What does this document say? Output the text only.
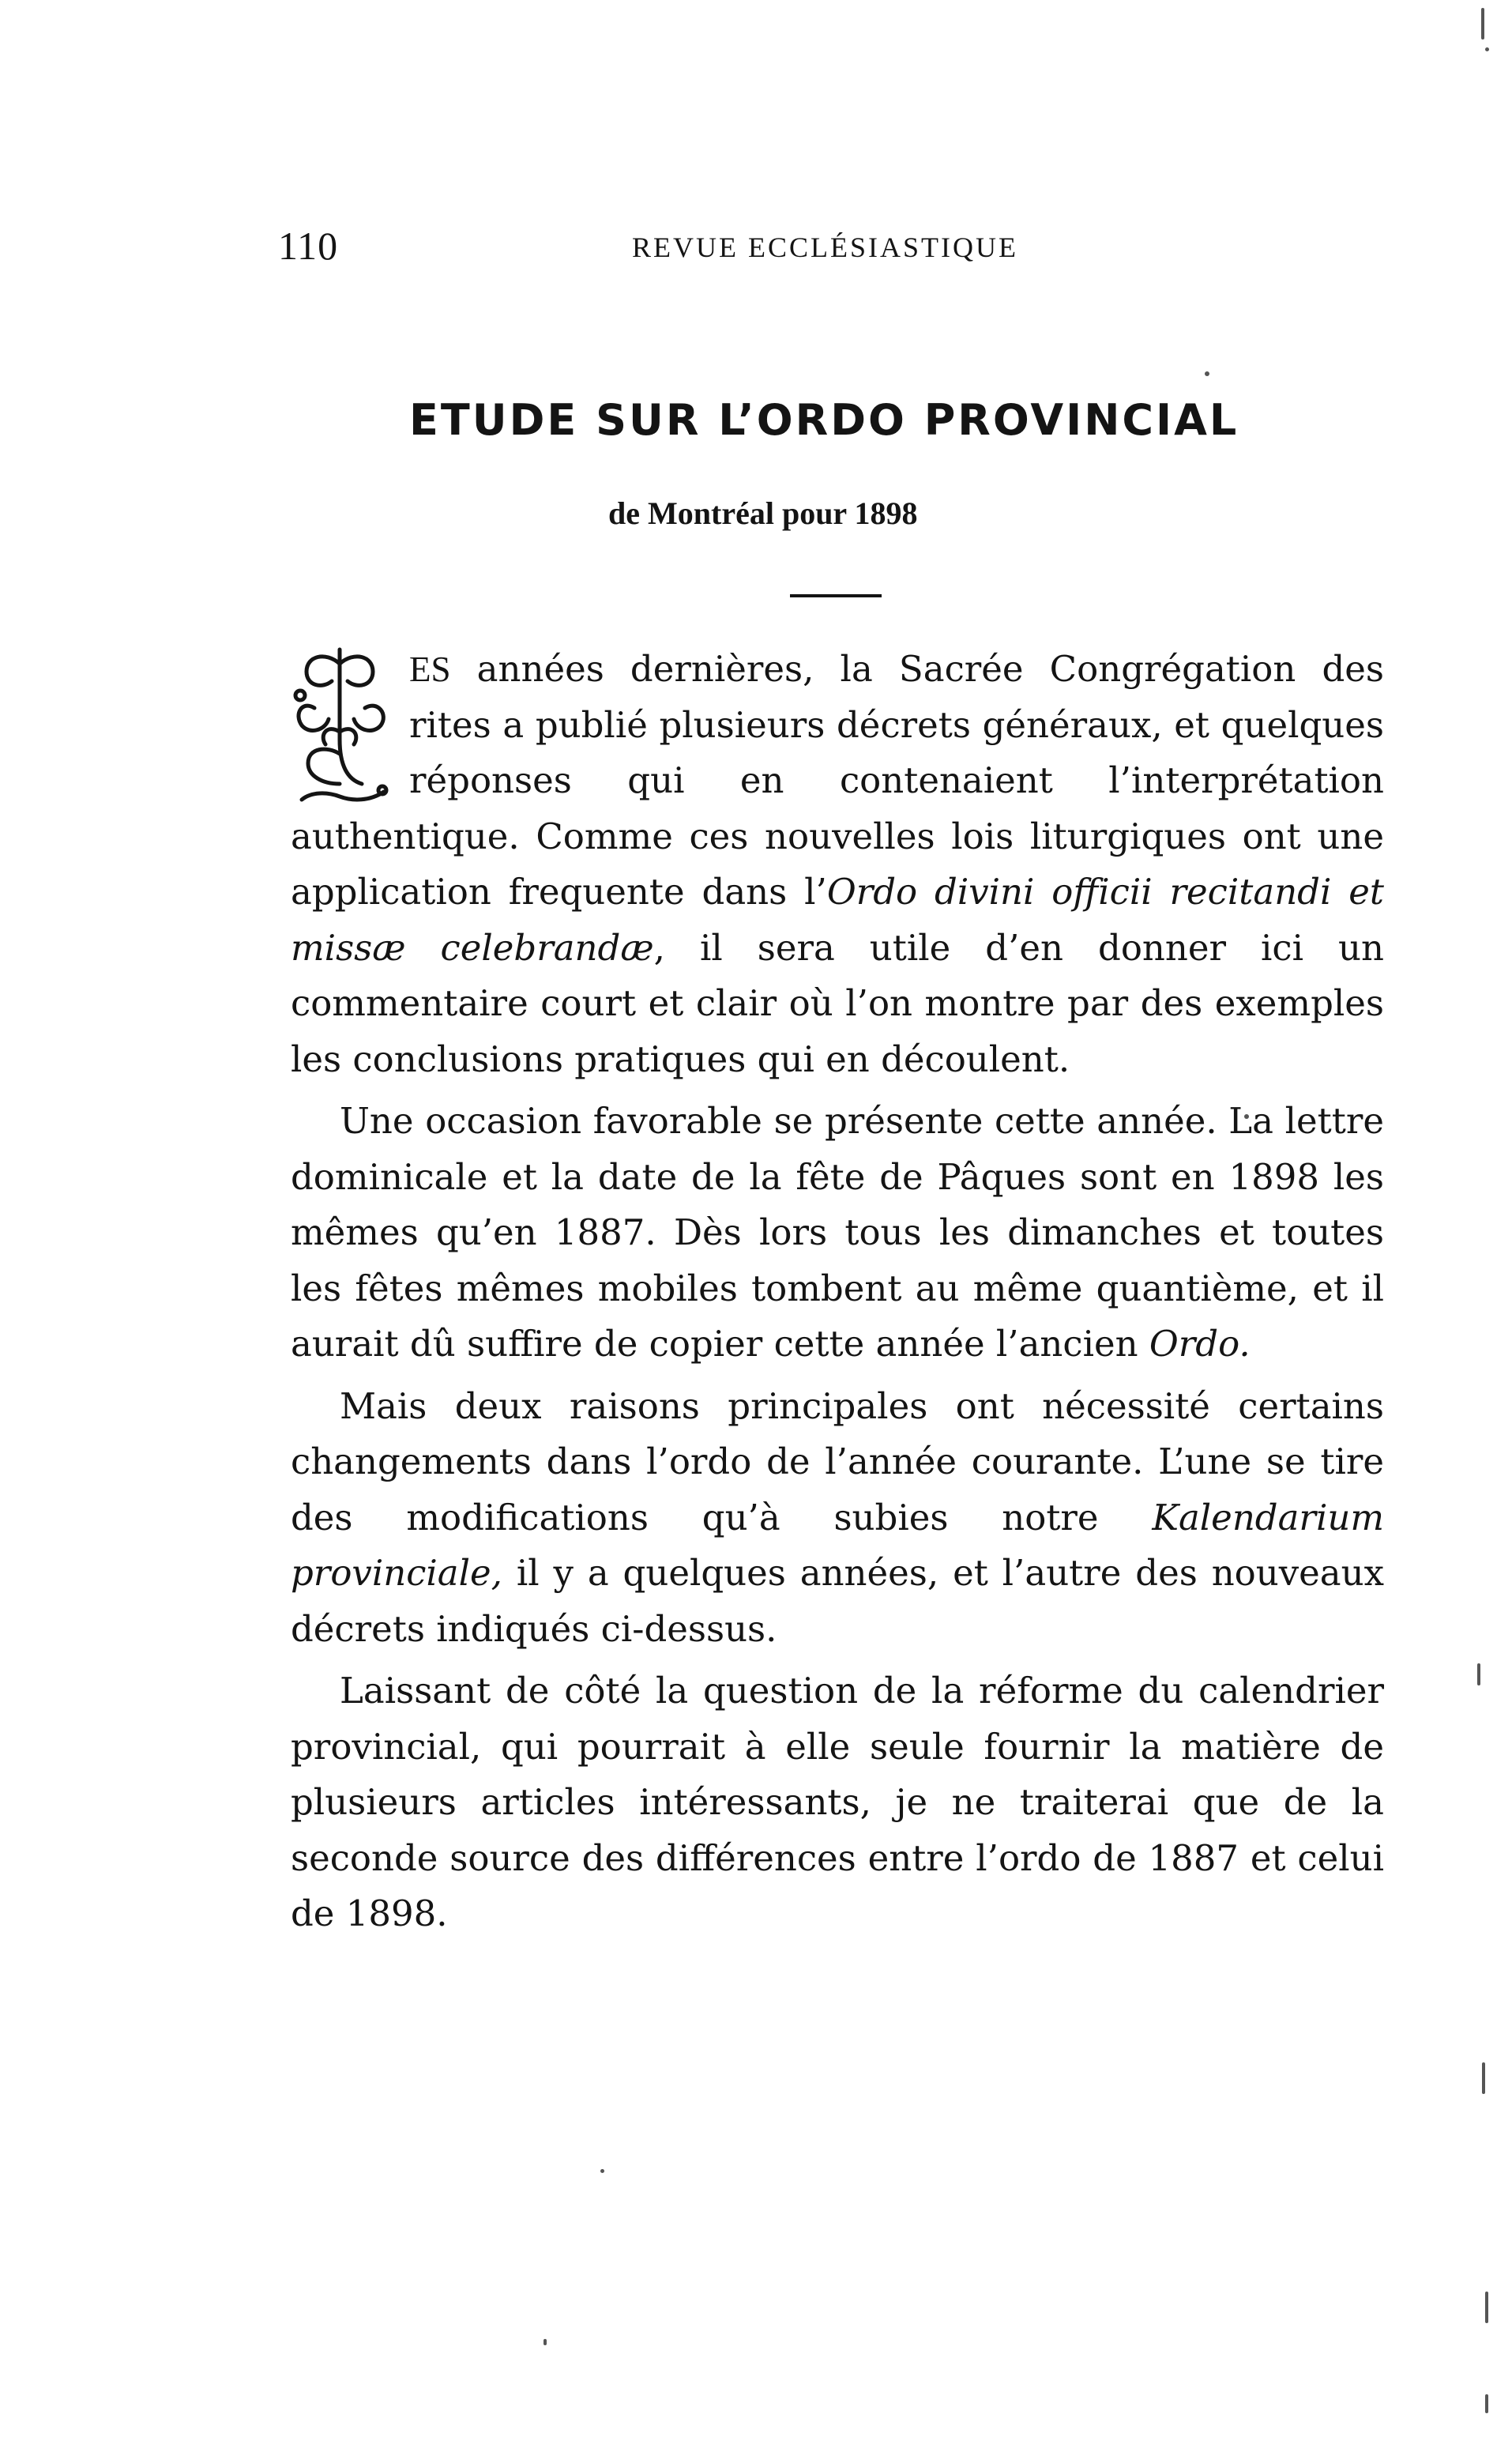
110	REVUE ECCLÉSIASTIQUE
ETUDE SUR L’ORDO PROVINCIAL
de Montréal pour 1898

ES années dernières, la Sacrée Congrégation des rites a publié plusieurs décrets généraux, et quelques réponses qui en contenaient l’interprétation authentique. Comme ces nouvelles lois liturgiques ont une application frequente dans l’Ordo divini officii recitandi et missæ celebrandæ, il sera utile d’en donner ici un commentaire court et clair où l’on montre par des exemples les conclusions pratiques qui en découlent.

Une occasion favorable se présente cette année. La lettre dominicale et la date de la fête de Pâques sont en 1898 les mêmes qu’en 1887. Dès lors tous les dimanches et toutes les fêtes mêmes mobiles tombent au même quantième, et il aurait dû suffire de copier cette année l’ancien Ordo.

Mais deux raisons principales ont nécessité certains changements dans l’ordo de l’année courante. L’une se tire des modifications qu’à subies notre Kalendarium provinciale, il y a quelques années, et l’autre des nouveaux décrets indiqués ci-dessus.

Laissant de côté la question de la réforme du calendrier provincial, qui pourrait à elle seule fournir la matière de plusieurs articles intéressants, je ne traiterai que de la seconde source des différences entre l’ordo de 1887 et celui de 1898.
